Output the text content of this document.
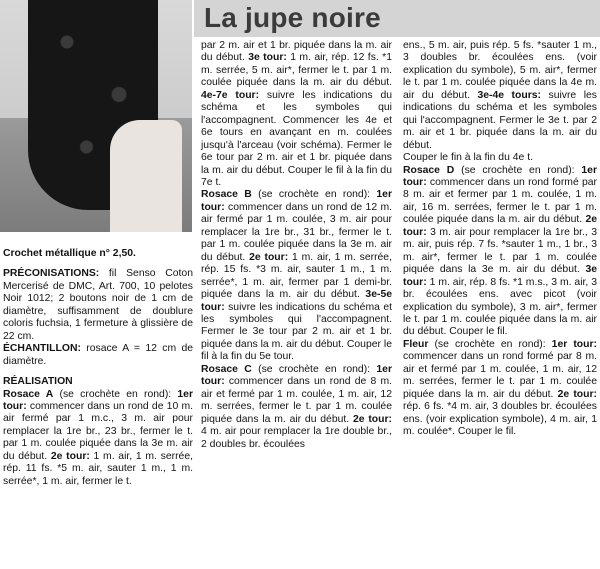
La jupe noire

Crochet métallique n° 2,50.

PRÉCONISATIONS: fil Senso Coton Mercerisé de DMC, Art. 700, 10 pelotes Noir 1012; 2 boutons noir de 1 cm de diamètre, suffisamment de doublure coloris fuchsia, 1 fermeture à glissière de 22 cm.

ÉCHANTILLON: rosace A = 12 cm de diamètre.

RÉALISATION

Rosace A (se crochète en rond): 1er tour: commencer dans un rond de 10 m. air fermé par 1 m.c., 3 m. air pour remplacer la 1re br., 23 br., fermer le t. par 1 m. coulée piquée dans la 3e m. air du début. 2e tour: 1 m. air, 1 m. serrée, rép. 11 fs. *5 m. air, sauter 1 m., 1 m. serrée*, 1 m. air, fermer le t.

par 2 m. air et 1 br. piquée dans la m. air du début. 3e tour: 1 m. air, rép. 12 fs. *1 m. serrée, 5 m. air*, fermer le t. par 1 m. coulée piquée dans la m. air du début. 4e-7e tour: suivre les indications du schéma et les symboles qui l'accompagnent. Commencer les 4e et 6e tours en avançant en m. coulées jusqu'à l'arceau (voir schéma). Fermer le 6e tour par 2 m. air et 1 br. piquée dans la m. air du début. Couper le fil à la fin du 7e t.

Rosace B (se crochète en rond): 1er tour: commencer dans un rond de 12 m. air fermé par 1 m. coulée, 3 m. air pour remplacer la 1re br., 31 br., fermer le t. par 1 m. coulée piquée dans la 3e m. air du début. 2e tour: 1 m. air, 1 m. serrée, rép. 15 fs. *3 m. air, sauter 1 m., 1 m. serrée*, 1 m. air, fermer par 1 demi-br. piquée dans la m. air du début. 3e-5e tour: suivre les indications du schéma et les symboles qui l'accompagnent. Fermer le 3e tour par 2 m. air et 1 br. piquée dans la m. air du début. Couper le fil à la fin du 5e tour.

Rosace C (se crochète en rond): 1er tour: commencer dans un rond de 8 m. air et fermé par 1 m. coulée, 1 m. air, 12 m. serrées, fermer le t. par 1 m. coulée piquée dans la m. air du début. 2e tour: 4 m. air pour remplacer la 1re double br., 2 doubles br. écoulées

ens., 5 m. air, puis rép. 5 fs. *sauter 1 m., 3 doubles br. écoulées ens. (voir explication du symbole), 5 m. air*, fermer le t. par 1 m. coulée piquée dans la 4e m. air du début. 3e-4e tours: suivre les indications du schéma et les symboles qui l'accompagnent. Fermer le 3e t. par 2 m. air et 1 br. piquée dans la m. air du début.

Couper le fin à la fin du 4e t.

Rosace D (se crochète en rond): 1er tour: commencer dans un rond formé par 8 m. air et fermer par 1 m. coulée, 1 m. air, 16 m. serrées, fermer le t. par 1 m. coulée piquée dans la m. air du début. 2e tour: 3 m. air pour remplacer la 1re br., 3 m. air, puis rép. 7 fs. *sauter 1 m., 1 br., 3 m. air*, fermer le t. par 1 m. coulée piquée dans la 3e m. air du début. 3e tour: 1 m. air, rép. 8 fs. *1 m.s., 3 m. air, 3 br. écoulées ens. avec picot (voir explication du symbole), 3 m. air*, fermer le t. par 1 m. coulée piquée dans la m. air du début. Couper le fil.

Fleur (se crochète en rond): 1er tour: commencer dans un rond formé par 8 m. air et fermé par 1 m. coulée, 1 m. air, 12 m. serrées, fermer le t. par 1 m. coulée piquée dans la m. air du début. 2e tour: rép. 6 fs. *4 m. air, 3 doubles br. écoulées ens. (voir explication symbole), 4 m. air, 1 m. coulée*. Couper le fil.
